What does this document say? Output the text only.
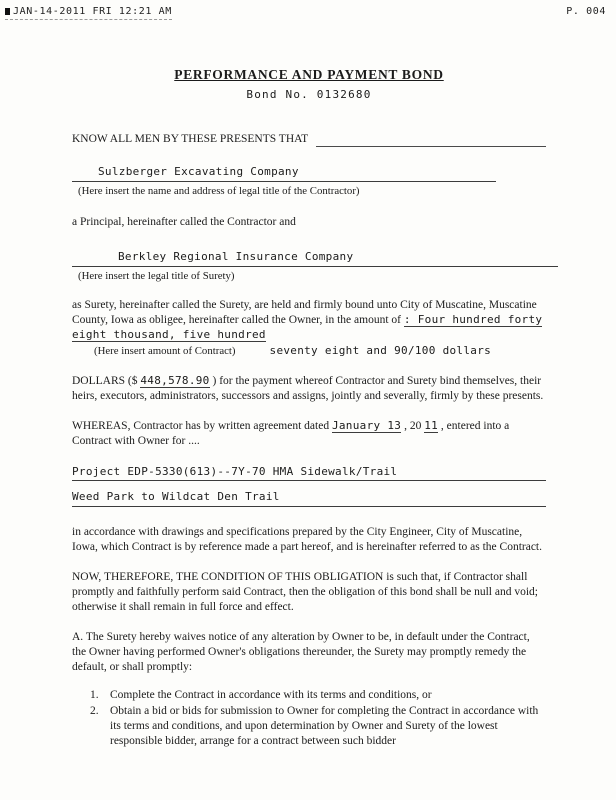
JAN-14-2011 FRI 12:21 AM	P. 004
PERFORMANCE AND PAYMENT BOND
Bond No. 0132680
KNOW ALL MEN BY THESE PRESENTS THAT
Sulzberger Excavating Company
(Here insert the name and address of legal title of the Contractor)

a Principal, hereinafter called the Contractor and

Berkley Regional Insurance Company
(Here insert the legal title of Surety)

as Surety, hereinafter called the Surety, are held and firmly bound unto City of Muscatine, Muscatine County, Iowa as obligee, hereinafter called the Owner, in the amount of : Four hundred forty eight thousand, five hundred

(Here insert amount of Contract)	seventy eight and 90/100 dollars

DOLLARS ($ 448,578.90 ) for the payment whereof Contractor and Surety bind themselves, their heirs, executors, administrators, successors and assigns, jointly and severally, firmly by these presents.

WHEREAS, Contractor has by written agreement dated January 13 , 20 11 , entered into a Contract with Owner for ....

Project EDP-5330(613)--7Y-70 HMA Sidewalk/Trail
Weed Park to Wildcat Den Trail

in accordance with drawings and specifications prepared by the City Engineer, City of Muscatine, Iowa, which Contract is by reference made a part hereof, and is hereinafter referred to as the Contract.

NOW, THEREFORE, THE CONDITION OF THIS OBLIGATION is such that, if Contractor shall promptly and faithfully perform said Contract, then the obligation of this bond shall be null and void; otherwise it shall remain in full force and effect.

A. The Surety hereby waives notice of any alteration by Owner to be, in default under the Contract, the Owner having performed Owner's obligations thereunder, the Surety may promptly remedy the default, or shall promptly:

1. Complete the Contract in accordance with its terms and conditions, or
2. Obtain a bid or bids for submission to Owner for completing the Contract in accordance with its terms and conditions, and upon determination by Owner and Surety of the lowest responsible bidder, arrange for a contract between such bidder
